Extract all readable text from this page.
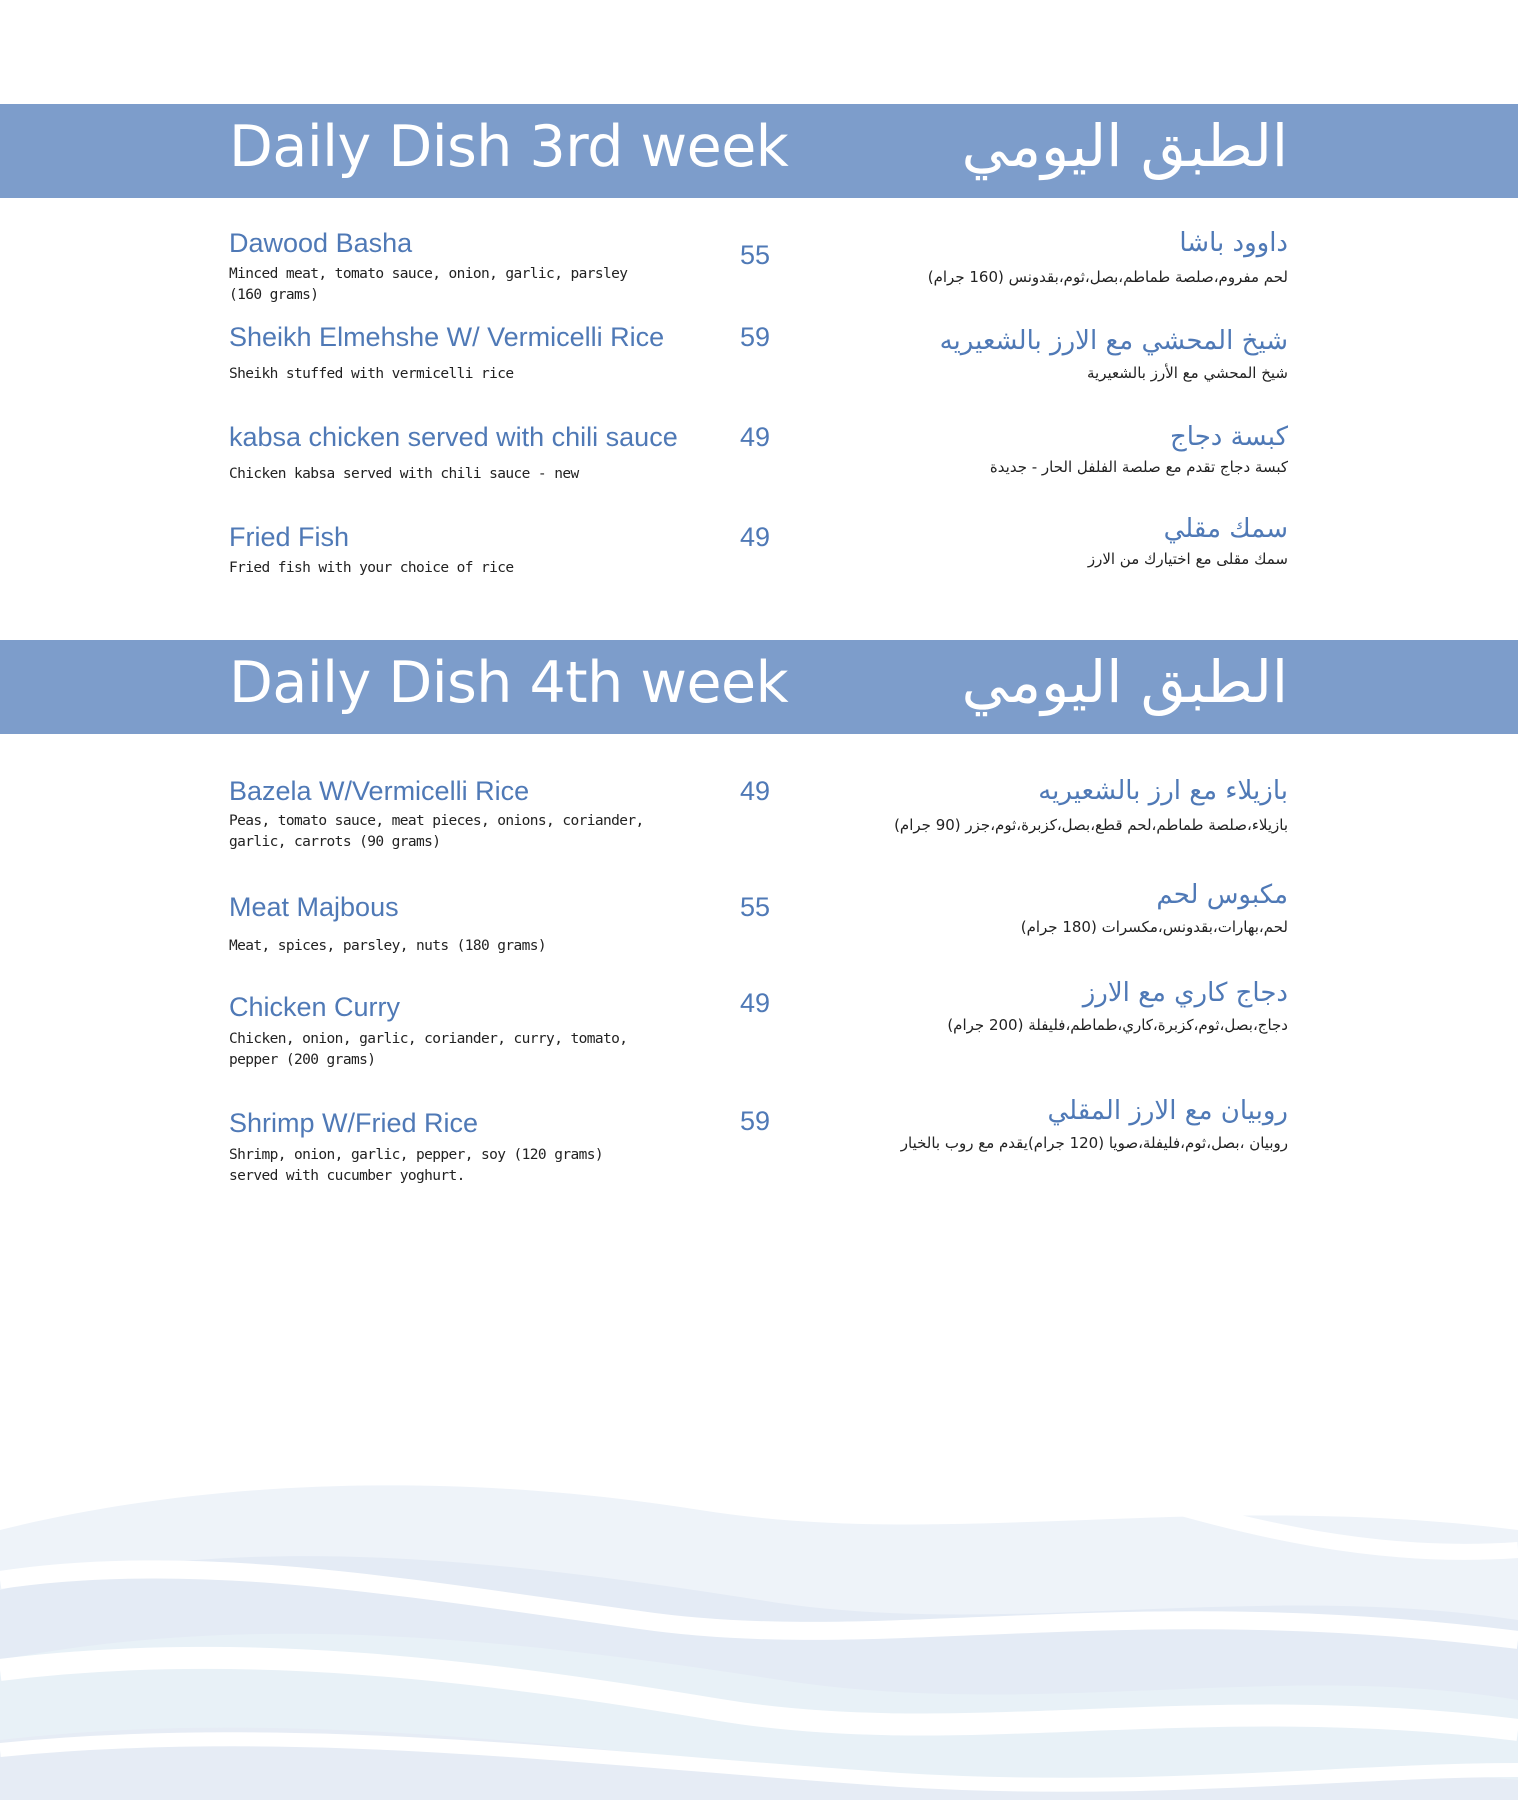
Daily Dish 3rd week	الطبق اليومي
Dawood Basha
Minced meat, tomato sauce, onion, garlic, parsley (160 grams)
55	داوود باشا
لحم مفروم،صلصة طماطم،بصل،ثوم،بقدونس (160 جرام)
Sheikh Elmehshe W/ Vermicelli Rice
Sheikh stuffed with vermicelli rice
59	شيخ المحشي مع الارز بالشعيريه
شيخ المحشي مع الأرز بالشعيرية
kabsa chicken served with chili sauce
Chicken kabsa served with chili sauce - new
49	كبسة دجاج
كبسة دجاج تقدم مع صلصة الفلفل الحار - جديدة
Fried Fish
Fried fish with your choice of rice
49	سمك مقلي
سمك مقلى مع اختيارك من الارز
Daily Dish 4th week	الطبق اليومي
Bazela W/Vermicelli Rice
Peas, tomato sauce, meat pieces, onions, coriander, garlic, carrots (90 grams)
49	بازيلاء مع ارز بالشعيريه
بازيلاء،صلصة طماطم،لحم قطع،بصل،كزبرة،ثوم،جزر (90 جرام)
Meat Majbous
Meat, spices, parsley, nuts (180 grams)
55	مكبوس لحم
لحم،بهارات،بقدونس،مكسرات (180 جرام)
Chicken Curry
Chicken, onion, garlic, coriander, curry, tomato, pepper (200 grams)
49	دجاج كاري مع الارز
دجاج،بصل،ثوم،كزبرة،كاري،طماطم،فليفلة (200 جرام)
Shrimp W/Fried Rice
Shrimp, onion, garlic, pepper, soy (120 grams) served with cucumber yoghurt.
59	روبيان مع الارز المقلي
روبيان ،بصل،ثوم،فليفلة،صويا (120 جرام)يقدم مع روب بالخيار
